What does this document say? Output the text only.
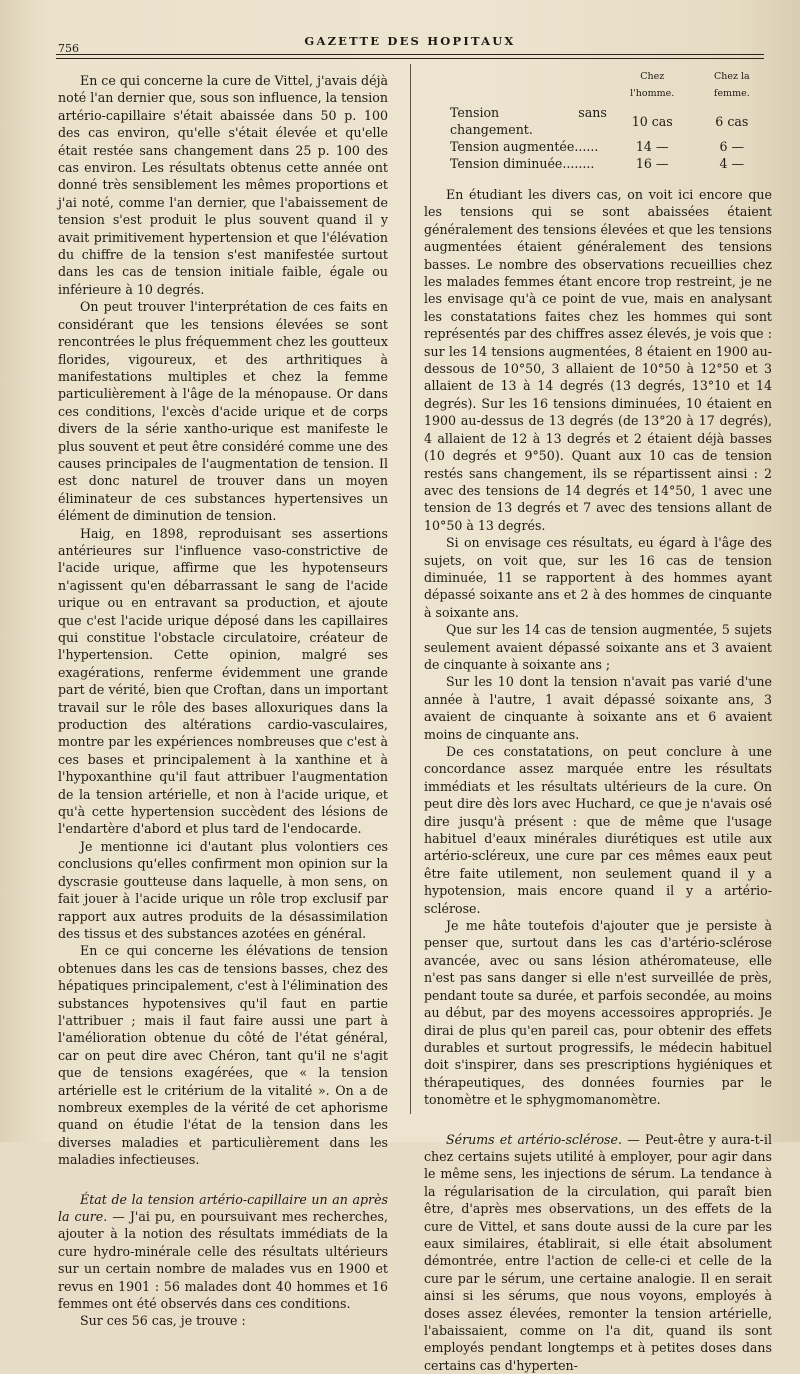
756
GAZETTE DES HOPITAUX

En ce qui concerne la cure de Vittel, j'avais déjà noté l'an dernier que, sous son influence, la tension artério-capillaire s'était abaissée dans 50 p. 100 des cas environ, qu'elle s'était élevée et qu'elle était restée sans changement dans 25 p. 100 des cas environ. Les résultats obtenus cette année ont donné très sensiblement les mêmes proportions et j'ai noté, comme l'an dernier, que l'abaissement de tension s'est produit le plus souvent quand il y avait primitivement hypertension et que l'élévation du chiffre de la tension s'est manifestée surtout dans les cas de tension initiale faible, égale ou inférieure à 10 degrés.

On peut trouver l'interprétation de ces faits en considérant que les tensions élevées se sont rencontrées le plus fréquemment chez les goutteux florides, vigoureux, et des arthritiques à manifestations multiples et chez la femme particulièrement à l'âge de la ménopause. Or dans ces conditions, l'excès d'acide urique et de corps divers de la série xantho-urique est manifeste le plus souvent et peut être considéré comme une des causes principales de l'augmentation de tension. Il est donc naturel de trouver dans un moyen éliminateur de ces substances hypertensives un élément de diminution de tension.

Haig, en 1898, reproduisant ses assertions antérieures sur l'influence vaso-constrictive de l'acide urique, affirme que les hypotenseurs n'agissent qu'en débarrassant le sang de l'acide urique ou en entravant sa production, et ajoute que c'est l'acide urique déposé dans les capillaires qui constitue l'obstacle circulatoire, créateur de l'hypertension. Cette opinion, malgré ses exagérations, renferme évidemment une grande part de vérité, bien que Croftan, dans un important travail sur le rôle des bases alloxuriques dans la production des altérations cardio-vasculaires, montre par les expériences nombreuses que c'est à ces bases et principalement à la xanthine et à l'hypoxanthine qu'il faut attribuer l'augmentation de la tension artérielle, et non à l'acide urique, et qu'à cette hypertension succèdent des lésions de l'endartère d'abord et plus tard de l'endocarde.

Je mentionne ici d'autant plus volontiers ces conclusions qu'elles confirment mon opinion sur la dyscrasie goutteuse dans laquelle, à mon sens, on fait jouer à l'acide urique un rôle trop exclusif par rapport aux autres produits de la désassimilation des tissus et des substances azotées en général.

En ce qui concerne les élévations de tension obtenues dans les cas de tensions basses, chez des hépatiques principalement, c'est à l'élimination des substances hypotensives qu'il faut en partie l'attribuer ; mais il faut faire aussi une part à l'amélioration obtenue du côté de l'état général, car on peut dire avec Chéron, tant qu'il ne s'agit que de tensions exagérées, que « la tension artérielle est le critérium de la vitalité ». On a de nombreux exemples de la vérité de cet aphorisme quand on étudie l'état de la tension dans les diverses maladies et particulièrement dans les maladies infectieuses.

État de la tension artério-capillaire un an après la cure. — J'ai pu, en poursuivant mes recherches, ajouter à la notion des résultats immédiats de la cure hydro-minérale celle des résultats ultérieurs sur un certain nombre de malades vus en 1900 et revus en 1901 : 56 malades dont 40 hommes et 16 femmes ont été observés dans ces conditions.

Sur ces 56 cas, je trouve :

	Chez l'homme.	Chez la femme.
Tension sans changement.	10 cas	6 cas
Tension augmentée......	14 —	6 —
Tension diminuée........	16 —	4 —

En étudiant les divers cas, on voit ici encore que les tensions qui se sont abaissées étaient généralement des tensions élevées et que les tensions augmentées étaient généralement des tensions basses. Le nombre des observations recueillies chez les malades femmes étant encore trop restreint, je ne les envisage qu'à ce point de vue, mais en analysant les constatations faites chez les hommes qui sont représentés par des chiffres assez élevés, je vois que : sur les 14 tensions augmentées, 8 étaient en 1900 au-dessous de 10°50, 3 allaient de 10°50 à 12°50 et 3 allaient de 13 à 14 degrés (13 degrés, 13°10 et 14 degrés). Sur les 16 tensions diminuées, 10 étaient en 1900 au-dessus de 13 degrés (de 13°20 à 17 degrés), 4 allaient de 12 à 13 degrés et 2 étaient déjà basses (10 degrés et 9°50). Quant aux 10 cas de tension restés sans changement, ils se répartissent ainsi : 2 avec des tensions de 14 degrés et 14°50, 1 avec une tension de 13 degrés et 7 avec des tensions allant de 10°50 à 13 degrés.

Si on envisage ces résultats, eu égard à l'âge des sujets, on voit que, sur les 16 cas de tension diminuée, 11 se rapportent à des hommes ayant dépassé soixante ans et 2 à des hommes de cinquante à soixante ans.

Que sur les 14 cas de tension augmentée, 5 sujets seulement avaient dépassé soixante ans et 3 avaient de cinquante à soixante ans ;

Sur les 10 dont la tension n'avait pas varié d'une année à l'autre, 1 avait dépassé soixante ans, 3 avaient de cinquante à soixante ans et 6 avaient moins de cinquante ans.

De ces constatations, on peut conclure à une concordance assez marquée entre les résultats immédiats et les résultats ultérieurs de la cure. On peut dire dès lors avec Huchard, ce que je n'avais osé dire jusqu'à présent : que de même que l'usage habituel d'eaux minérales diurétiques est utile aux artério-scléreux, une cure par ces mêmes eaux peut être faite utilement, non seulement quand il y a hypotension, mais encore quand il y a artério-sclérose.

Je me hâte toutefois d'ajouter que je persiste à penser que, surtout dans les cas d'artério-sclérose avancée, avec ou sans lésion athéromateuse, elle n'est pas sans danger si elle n'est surveillée de près, pendant toute sa durée, et parfois secondée, au moins au début, par des moyens accessoires appropriés. Je dirai de plus qu'en pareil cas, pour obtenir des effets durables et surtout progressifs, le médecin habituel doit s'inspirer, dans ses prescriptions hygiéniques et thérapeutiques, des données fournies par le tonomètre et le sphygmomanomètre.

Sérums et artério-sclérose. — Peut-être y aura-t-il chez certains sujets utilité à employer, pour agir dans le même sens, les injections de sérum. La tendance à la régularisation de la circulation, qui paraît bien être, d'après mes observations, un des effets de la cure de Vittel, et sans doute aussi de la cure par les eaux similaires, établirait, si elle était absolument démontrée, entre l'action de celle-ci et celle de la cure par le sérum, une certaine analogie. Il en serait ainsi si les sérums, que nous voyons, employés à doses assez élevées, remonter la tension artérielle, l'abaissaient, comme on l'a dit, quand ils sont employés pendant longtemps et à petites doses dans certains cas d'hyperten-
